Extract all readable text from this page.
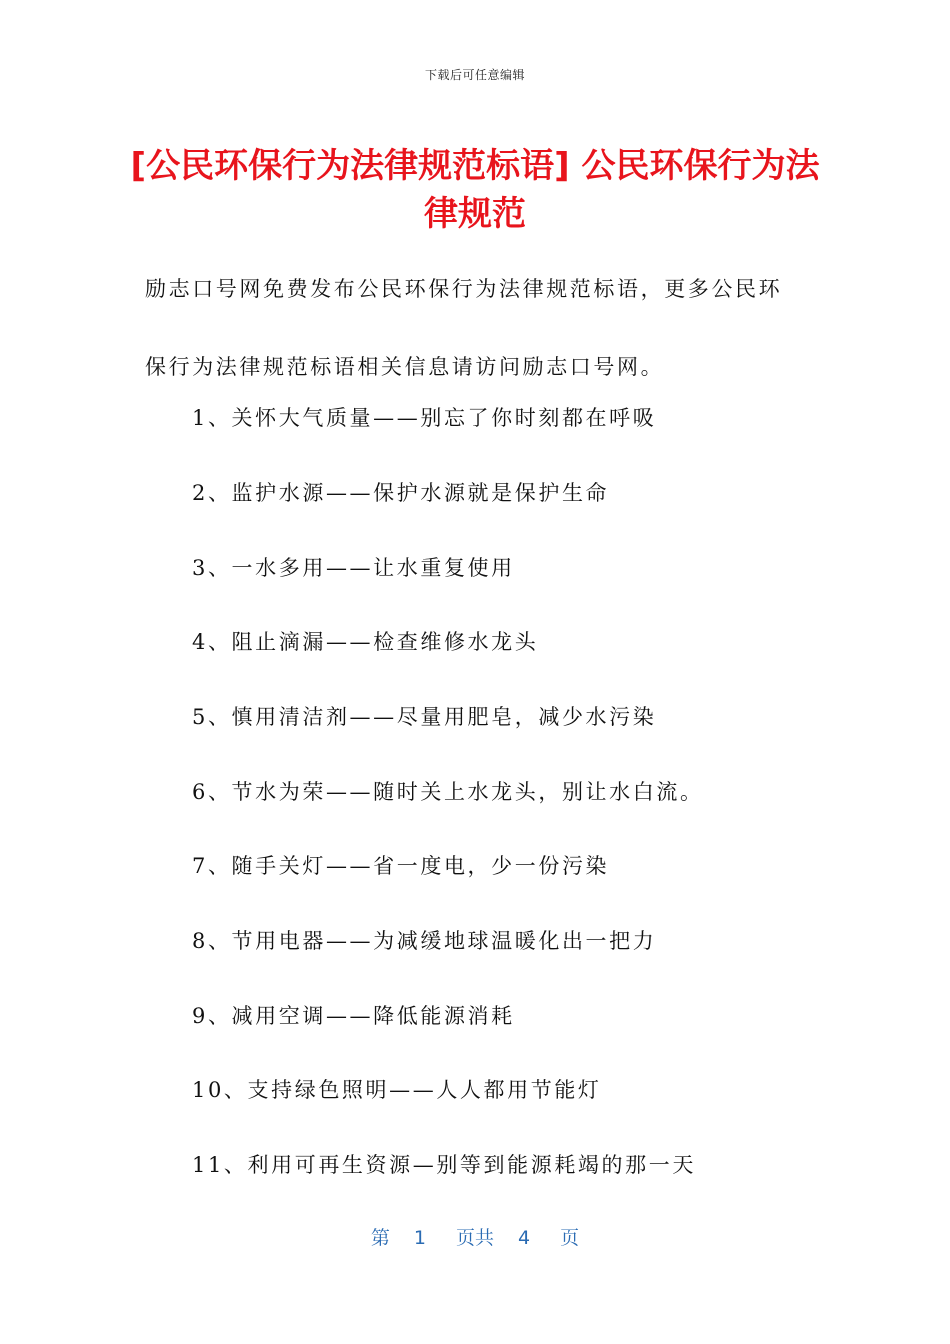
下载后可任意编辑
[公民环保行为法律规范标语] 公民环保行为法律规范

励志口号网免费发布公民环保行为法律规范标语，更多公民环保行为法律规范标语相关信息请访问励志口号网。

1、关怀大气质量——别忘了你时刻都在呼吸
2、监护水源——保护水源就是保护生命
3、一水多用——让水重复使用
4、阻止滴漏——检查维修水龙头
5、慎用清洁剂——尽量用肥皂，减少水污染
6、节水为荣——随时关上水龙头，别让水白流。
7、随手关灯——省一度电，少一份污染
8、节用电器——为减缓地球温暖化出一把力
9、减用空调——降低能源消耗
10、支持绿色照明——人人都用节能灯
11、利用可再生资源—别等到能源耗竭的那一天
第 1 页共 4 页
